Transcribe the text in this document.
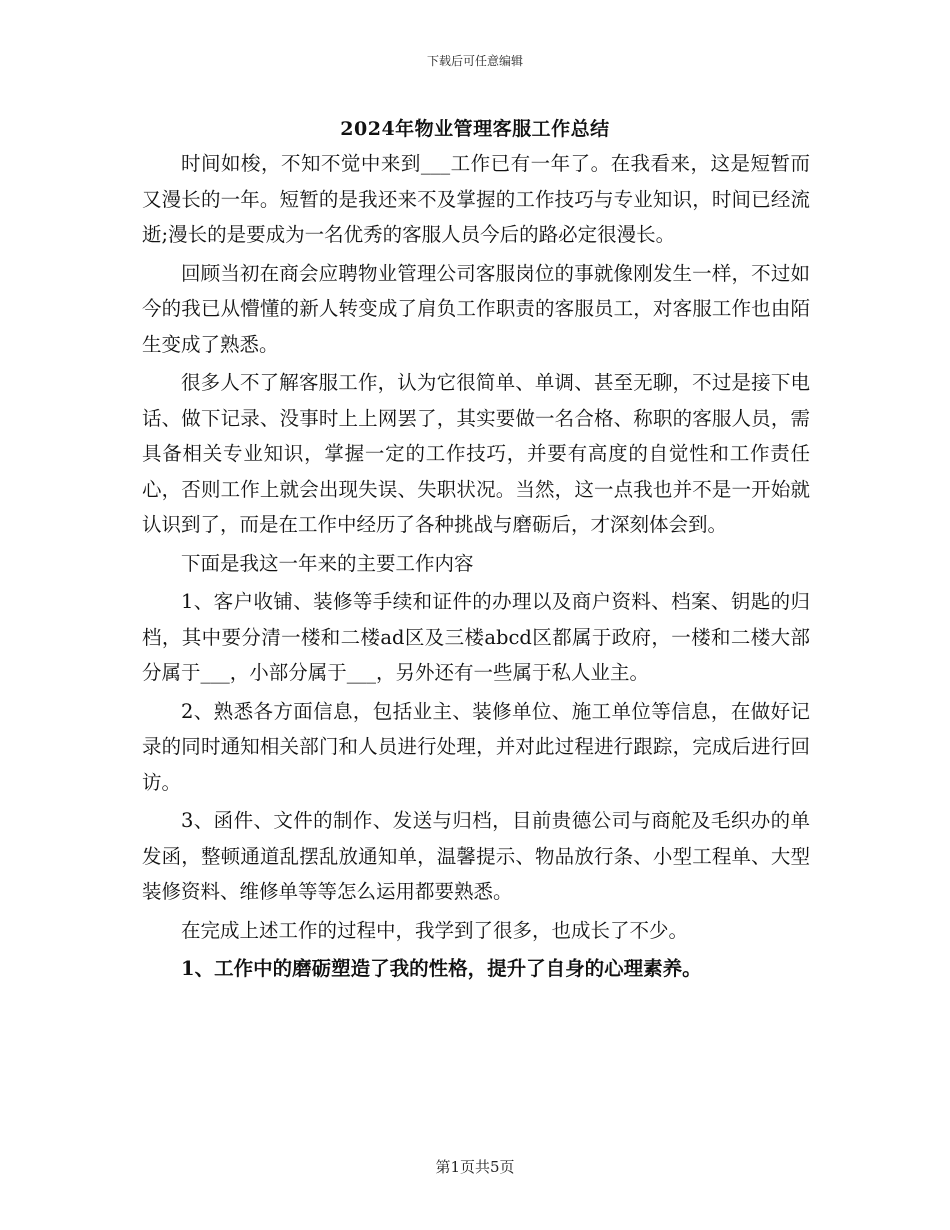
下载后可任意编辑
2024年物业管理客服工作总结

时间如梭，不知不觉中来到___工作已有一年了。在我看来，这是短暂而又漫长的一年。短暂的是我还来不及掌握的工作技巧与专业知识，时间已经流逝;漫长的是要成为一名优秀的客服人员今后的路必定很漫长。

回顾当初在商会应聘物业管理公司客服岗位的事就像刚发生一样，不过如今的我已从懵懂的新人转变成了肩负工作职责的客服员工，对客服工作也由陌生变成了熟悉。

很多人不了解客服工作，认为它很简单、单调、甚至无聊，不过是接下电话、做下记录、没事时上上网罢了，其实要做一名合格、称职的客服人员，需具备相关专业知识，掌握一定的工作技巧，并要有高度的自觉性和工作责任心，否则工作上就会出现失误、失职状况。当然，这一点我也并不是一开始就认识到了，而是在工作中经历了各种挑战与磨砺后，才深刻体会到。

下面是我这一年来的主要工作内容

1、客户收铺、装修等手续和证件的办理以及商户资料、档案、钥匙的归档，其中要分清一楼和二楼ad区及三楼abcd区都属于政府，一楼和二楼大部分属于___，小部分属于___，另外还有一些属于私人业主。

2、熟悉各方面信息，包括业主、装修单位、施工单位等信息，在做好记录的同时通知相关部门和人员进行处理，并对此过程进行跟踪，完成后进行回访。

3、函件、文件的制作、发送与归档，目前贵德公司与商舵及毛织办的单发函，整顿通道乱摆乱放通知单，温馨提示、物品放行条、小型工程单、大型装修资料、维修单等等怎么运用都要熟悉。

在完成上述工作的过程中，我学到了很多，也成长了不少。

1、工作中的磨砺塑造了我的性格，提升了自身的心理素养。

第1页共5页
